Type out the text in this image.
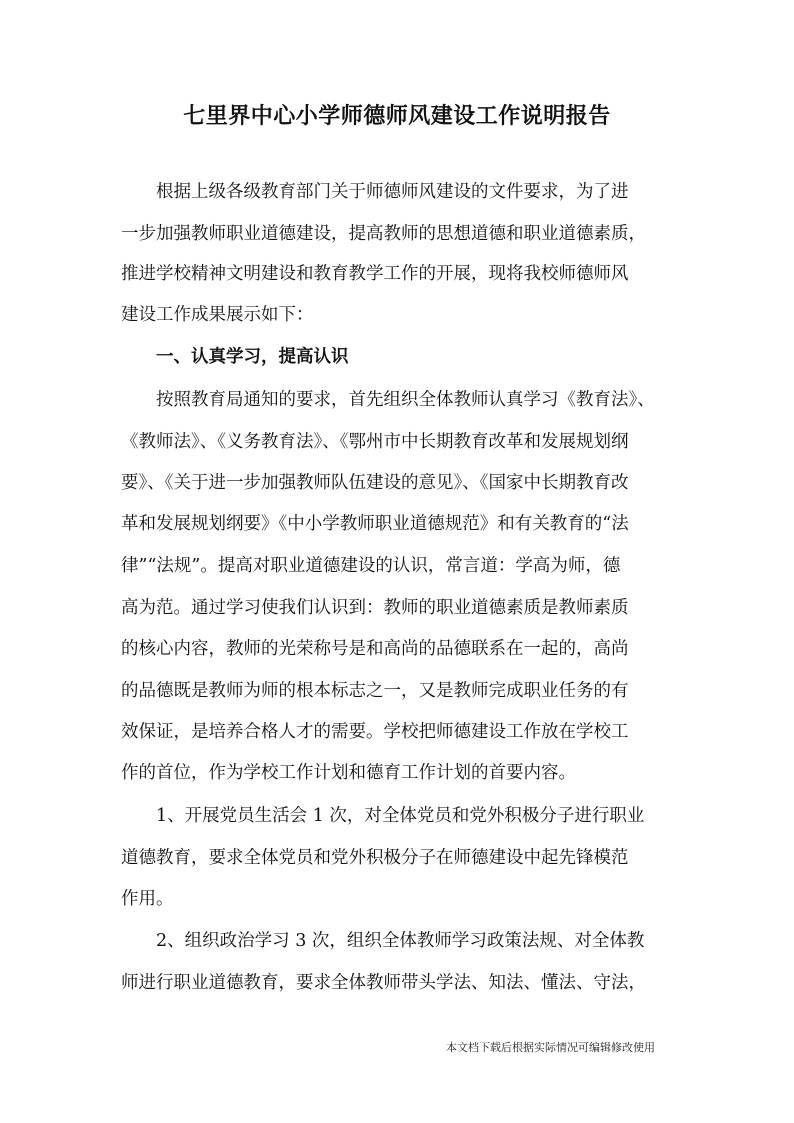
七里界中心小学师德师风建设工作说明报告
根据上级各级教育部门关于师德师风建设的文件要求，为了进
一步加强教师职业道德建设，提高教师的思想道德和职业道德素质，
推进学校精神文明建设和教育教学工作的开展，现将我校师德师风
建设工作成果展示如下：
一、认真学习，提高认识
按照教育局通知的要求，首先组织全体教师认真学习《教育法》、
《教师法》、《义务教育法》、《鄂州市中长期教育改革和发展规划纲
要》、《关于进一步加强教师队伍建设的意见》、《国家中长期教育改
革和发展规划纲要》《中小学教师职业道德规范》和有关教育的“法
律”“法规”。提高对职业道德建设的认识，常言道：学高为师，德
高为范。通过学习使我们认识到：教师的职业道德素质是教师素质
的核心内容，教师的光荣称号是和高尚的品德联系在一起的，高尚
的品德既是教师为师的根本标志之一，又是教师完成职业任务的有
效保证，是培养合格人才的需要。学校把师德建设工作放在学校工
作的首位，作为学校工作计划和德育工作计划的首要内容。
1、开展党员生活会 1 次，对全体党员和党外积极分子进行职业
道德教育，要求全体党员和党外积极分子在师德建设中起先锋模范
作用。
2、组织政治学习 3 次，组织全体教师学习政策法规、对全体教
师进行职业道德教育，要求全体教师带头学法、知法、懂法、守法，
本文档下载后根据实际情况可编辑修改使用
